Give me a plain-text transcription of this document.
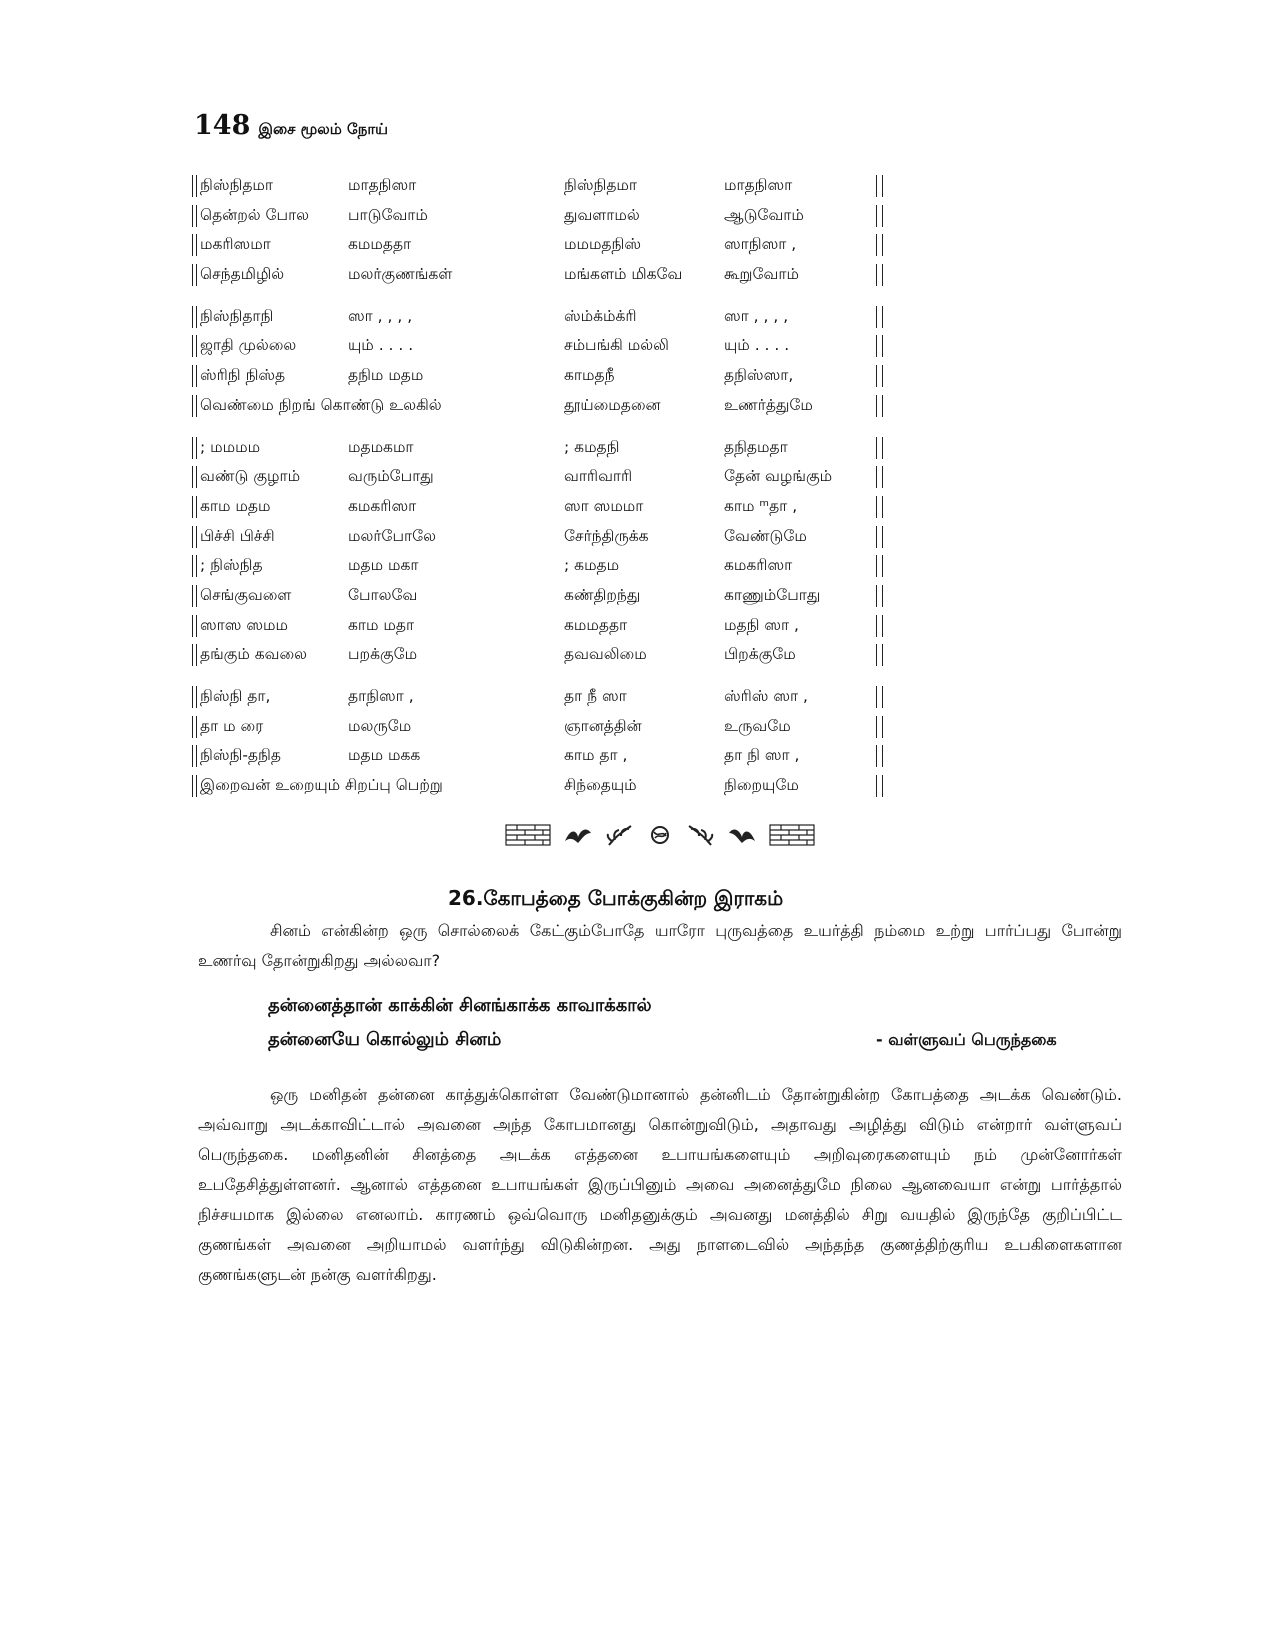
148 இசை மூலம் நோய்
நிஸ்நிதமா	மாதநிஸா	நிஸ்நிதமா	மாதநிஸா
தென்றல் போல	பாடுவோம்	துவளாமல்	ஆடுவோம்
மகரிஸமா	கமமததா	மமமதநிஸ்	ஸாநிஸா ,
செந்தமிழில்	மலர்குணங்கள்	மங்களம் மிகவே	கூறுவோம்
நிஸ்நிதாநி	ஸா , , , ,	ஸ்ம்க்ம்க்ரி	ஸா , , , ,
ஜாதி முல்லை	யும் . . . .	சம்பங்கி மல்லி	யும் . . . .
ஸ்ரிநி நிஸ்த	தநிம மதம	காமதநீ	தநிஸ்ஸா,
வெண்மை நிறங் கொண்டு உலகில்	தூய்மைதனை	உணர்த்துமே
; மமமம	மதமகமா	; கமதநி	தநிதமதா
வண்டு குழாம்	வரும்போது	வாரிவாரி	தேன் வழங்கும்
காம மதம	கமகரிஸா	ஸா ஸமமா	காம ᵐதா ,
பிச்சி பிச்சி	மலர்போலே	சேர்ந்திருக்க	வேண்டுமே
; நிஸ்நித	மதம மகா	; கமதம	கமகரிஸா
செங்குவளை	போலவே	கண்திறந்து	காணும்போது
ஸாஸ ஸமம	காம மதா	கமமததா	மதநி ஸா ,
தங்கும் கவலை	பறக்குமே	தவவலிமை	பிறக்குமே
நிஸ்நி தா,	தாநிஸா ,	தா நீ ஸா	ஸ்ரிஸ் ஸா ,
தா ம ரை	மலருமே	ஞானத்தின்	உருவமே
நிஸ்நி-தநித	மதம மகக	காம தா ,	தா நி ஸா ,
இறைவன் உறையும் சிறப்பு பெற்று	சிந்தையும்	நிறையுமே
26.கோபத்தை போக்குகின்ற இராகம்

சினம் என்கின்ற ஒரு சொல்லைக் கேட்கும்போதே யாரோ புருவத்தை உயர்த்தி நம்மை உற்று பார்ப்பது போன்று உணர்வு தோன்றுகிறது அல்லவா?

தன்னைத்தான் காக்கின் சினங்காக்க காவாக்கால்
தன்னையே கொல்லும் சினம்	- வள்ளுவப் பெருந்தகை

ஒரு மனிதன் தன்னை காத்துக்கொள்ள வேண்டுமானால் தன்னிடம் தோன்றுகின்ற கோபத்தை அடக்க வெண்டும். அவ்வாறு அடக்காவிட்டால் அவனை அந்த கோபமானது கொன்றுவிடும், அதாவது அழித்து விடும் என்றார் வள்ளுவப் பெருந்தகை. மனிதனின் சினத்தை அடக்க எத்தனை உபாயங்களையும் அறிவுரைகளையும் நம் முன்னோர்கள் உபதேசித்துள்ளனர். ஆனால் எத்தனை உபாயங்கள் இருப்பினும் அவை அனைத்துமே நிலை ஆனவையா என்று பார்த்தால் நிச்சயமாக இல்லை எனலாம். காரணம் ஒவ்வொரு மனிதனுக்கும் அவனது மனத்தில் சிறு வயதில் இருந்தே குறிப்பிட்ட குணங்கள் அவனை அறியாமல் வளர்ந்து விடுகின்றன. அது நாளடைவில் அந்தந்த குணத்திற்குரிய உபகிளைகளான குணங்களுடன் நன்கு வளர்கிறது.
